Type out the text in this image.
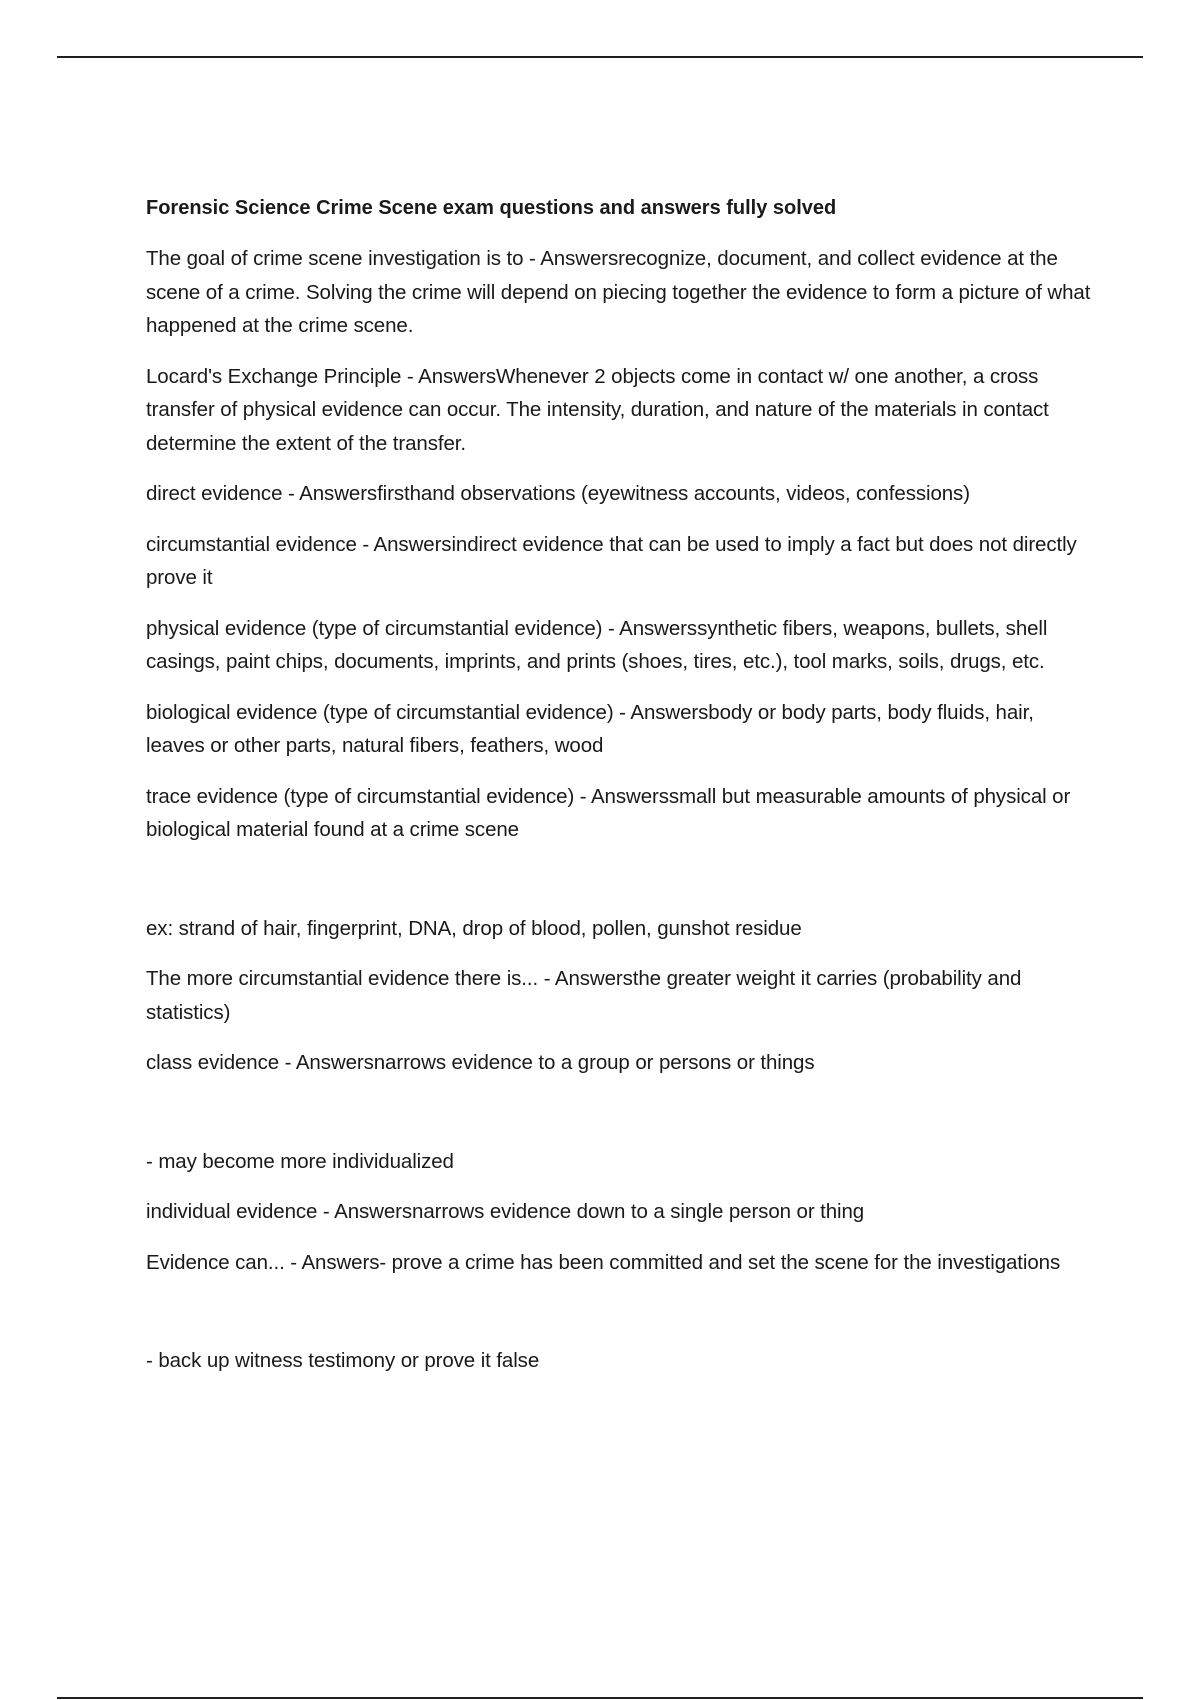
Forensic Science Crime Scene exam questions and answers fully solved

The goal of crime scene investigation is to - Answersrecognize, document, and collect evidence at the scene of a crime. Solving the crime will depend on piecing together the evidence to form a picture of what happened at the crime scene.

Locard's Exchange Principle - AnswersWhenever 2 objects come in contact w/ one another, a cross transfer of physical evidence can occur. The intensity, duration, and nature of the materials in contact determine the extent of the transfer.

direct evidence - Answersfirsthand observations (eyewitness accounts, videos, confessions)

circumstantial evidence - Answersindirect evidence that can be used to imply a fact but does not directly prove it

physical evidence (type of circumstantial evidence) - Answerssynthetic fibers, weapons, bullets, shell casings, paint chips, documents, imprints, and prints (shoes, tires, etc.), tool marks, soils, drugs, etc.

biological evidence (type of circumstantial evidence) - Answersbody or body parts, body fluids, hair, leaves or other parts, natural fibers, feathers, wood

trace evidence (type of circumstantial evidence) - Answerssmall but measurable amounts of physical or biological material found at a crime scene

ex: strand of hair, fingerprint, DNA, drop of blood, pollen, gunshot residue

The more circumstantial evidence there is... - Answersthe greater weight it carries (probability and statistics)

class evidence - Answersnarrows evidence to a group or persons or things

- may become more individualized

individual evidence - Answersnarrows evidence down to a single person or thing

Evidence can... - Answers- prove a crime has been committed and set the scene for the investigations

- back up witness testimony or prove it false
